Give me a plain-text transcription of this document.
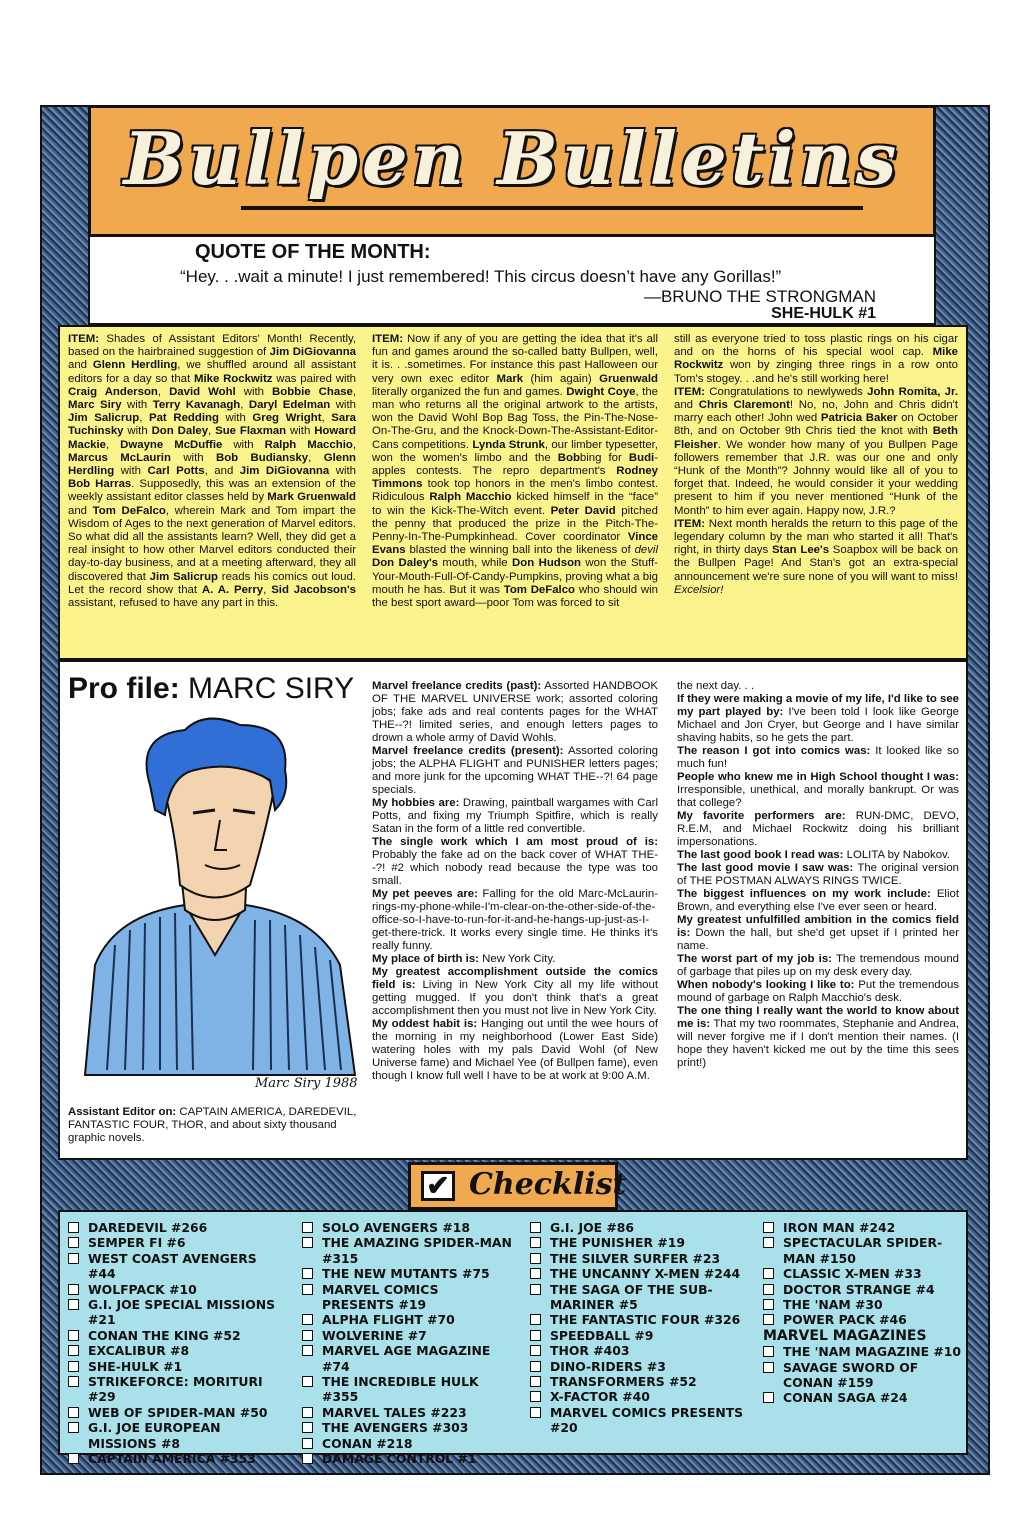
Bullpen Bulletins
QUOTE OF THE MONTH:
“Hey. . .wait a minute! I just remembered! This circus doesn’t have any Gorillas!”
—BRUNO THE STRONGMAN
SHE-HULK #1
ITEM: Shades of Assistant Editors' Month! Recently, based on the hairbrained suggestion of Jim DiGiovanna and Glenn Herdling, we shuffled around all assistant editors for a day so that Mike Rockwitz was paired with Craig Anderson, David Wohl with Bobbie Chase, Marc Siry with Terry Kavanagh, Daryl Edelman with Jim Salicrup, Pat Redding with Greg Wright, Sara Tuchinsky with Don Daley, Sue Flaxman with Howard Mackie, Dwayne McDuffie with Ralph Macchio, Marcus McLaurin with Bob Budiansky, Glenn Herdling with Carl Potts, and Jim DiGiovanna with Bob Harras. Supposedly, this was an extension of the weekly assistant editor classes held by Mark Gruenwald and Tom DeFalco, wherein Mark and Tom impart the Wisdom of Ages to the next generation of Marvel editors. So what did all the assistants learn? Well, they did get a real insight to how other Marvel editors conducted their day-to-day business, and at a meeting afterward, they all discovered that Jim Salicrup reads his comics out loud. Let the record show that A. A. Perry, Sid Jacobson's assistant, refused to have any part in this.
ITEM: Now if any of you are getting the idea that it's all fun and games around the so-called batty Bullpen, well, it is. . .sometimes. For instance this past Halloween our very own exec editor Mark (him again) Gruenwald literally organized the fun and games. Dwight Coye, the man who returns all the original artwork to the artists, won the David Wohl Bop Bag Toss, the Pin-The-Nose-On-The-Gru, and the Knock-Down-The-Assistant-Editor-Cans competitions. Lynda Strunk, our limber typesetter, won the women's limbo and the Bobbing for Budi-apples contests. The repro department's Rodney Timmons took top honors in the men's limbo contest. Ridiculous Ralph Macchio kicked himself in the “face” to win the Kick-The-Witch event. Peter David pitched the penny that produced the prize in the Pitch-The-Penny-In-The-Pumpkinhead. Cover coordinator Vince Evans blasted the winning ball into the likeness of devil Don Daley's mouth, while Don Hudson won the Stuff-Your-Mouth-Full-Of-Candy-Pumpkins, proving what a big mouth he has. But it was Tom DeFalco who should win the best sport award—poor Tom was forced to sit
still as everyone tried to toss plastic rings on his cigar and on the horns of his special wool cap. Mike Rockwitz won by zinging three rings in a row onto Tom's stogey. . .and he's still working here!
ITEM: Congratulations to newlyweds John Romita, Jr. and Chris Claremont! No, no, John and Chris didn't marry each other! John wed Patricia Baker on October 8th, and on October 9th Chris tied the knot with Beth Fleisher. We wonder how many of you Bullpen Page followers remember that J.R. was our one and only “Hunk of the Month”? Johnny would like all of you to forget that. Indeed, he would consider it your wedding present to him if you never mentioned “Hunk of the Month” to him ever again. Happy now, J.R.?
ITEM: Next month heralds the return to this page of the legendary column by the man who started it all! That's right, in thirty days Stan Lee's Soapbox will be back on the Bullpen Page! And Stan's got an extra-special announcement we're sure none of you will want to miss! Excelsior!
Pro file: MARC SIRY
Marc Siry 1988
Assistant Editor on: CAPTAIN AMERICA, DAREDEVIL, FANTASTIC FOUR, THOR, and about sixty thousand graphic novels.
Marvel freelance credits (past): Assorted HANDBOOK OF THE MARVEL UNIVERSE work; assorted coloring jobs; fake ads and real contents pages for the WHAT THE--?! limited series, and enough letters pages to drown a whole army of David Wohls.
Marvel freelance credits (present): Assorted coloring jobs; the ALPHA FLIGHT and PUNISHER letters pages; and more junk for the upcoming WHAT THE--?! 64 page specials.
My hobbies are: Drawing, paintball wargames with Carl Potts, and fixing my Triumph Spitfire, which is really Satan in the form of a little red convertible.
The single work which I am most proud of is: Probably the fake ad on the back cover of WHAT THE--?! #2 which nobody read because the type was too small.
My pet peeves are: Falling for the old Marc-McLaurin-rings-my-phone-while-I'm-clear-on-the-other-side-of-the-office-so-I-have-to-run-for-it-and-he-hangs-up-just-as-I-get-there-trick. It works every single time. He thinks it's really funny.
My place of birth is: New York City.
My greatest accomplishment outside the comics field is: Living in New York City all my life without getting mugged. If you don't think that's a great accomplishment then you must not live in New York City.
My oddest habit is: Hanging out until the wee hours of the morning in my neighborhood (Lower East Side) watering holes with my pals David Wohl (of New Universe fame) and Michael Yee (of Bullpen fame), even though I know full well I have to be at work at 9:00 A.M.
the next day. . .
If they were making a movie of my life, I'd like to see my part played by: I've been told I look like George Michael and Jon Cryer, but George and I have similar shaving habits, so he gets the part.
The reason I got into comics was: It looked like so much fun!
People who knew me in High School thought I was: Irresponsible, unethical, and morally bankrupt. Or was that college?
My favorite performers are: RUN-DMC, DEVO, R.E.M, and Michael Rockwitz doing his brilliant impersonations.
The last good book I read was: LOLITA by Nabokov.
The last good movie I saw was: The original version of THE POSTMAN ALWAYS RINGS TWICE.
The biggest influences on my work include: Eliot Brown, and everything else I've ever seen or heard.
My greatest unfulfilled ambition in the comics field is: Down the hall, but she'd get upset if I printed her name.
The worst part of my job is: The tremendous mound of garbage that piles up on my desk every day.
When nobody's looking I like to: Put the tremendous mound of garbage on Ralph Macchio's desk.
The one thing I really want the world to know about me is: That my two roommates, Stephanie and Andrea, will never forgive me if I don't mention their names. (I hope they haven't kicked me out by the time this sees print!)
✔ Checklist
DAREDEVIL #266
SEMPER FI #6
WEST COAST AVENGERS #44
WOLFPACK #10
G.I. JOE SPECIAL MISSIONS #21
CONAN THE KING #52
EXCALIBUR #8
SHE-HULK #1
STRIKEFORCE: MORITURI #29
WEB OF SPIDER-MAN #50
G.I. JOE EUROPEAN MISSIONS #8
CAPTAIN AMERICA #353
SOLO AVENGERS #18
THE AMAZING SPIDER-MAN #315
THE NEW MUTANTS #75
MARVEL COMICS PRESENTS #19
ALPHA FLIGHT #70
WOLVERINE #7
MARVEL AGE MAGAZINE #74
THE INCREDIBLE HULK #355
MARVEL TALES #223
THE AVENGERS #303
CONAN #218
DAMAGE CONTROL #1
G.I. JOE #86
THE PUNISHER #19
THE SILVER SURFER #23
THE UNCANNY X-MEN #244
THE SAGA OF THE SUB-MARINER #5
THE FANTASTIC FOUR #326
SPEEDBALL #9
THOR #403
DINO-RIDERS #3
TRANSFORMERS #52
X-FACTOR #40
MARVEL COMICS PRESENTS #20
IRON MAN #242
SPECTACULAR SPIDER-MAN #150
CLASSIC X-MEN #33
DOCTOR STRANGE #4
THE 'NAM #30
POWER PACK #46
MARVEL MAGAZINES
THE 'NAM MAGAZINE #10
SAVAGE SWORD OF CONAN #159
CONAN SAGA #24
